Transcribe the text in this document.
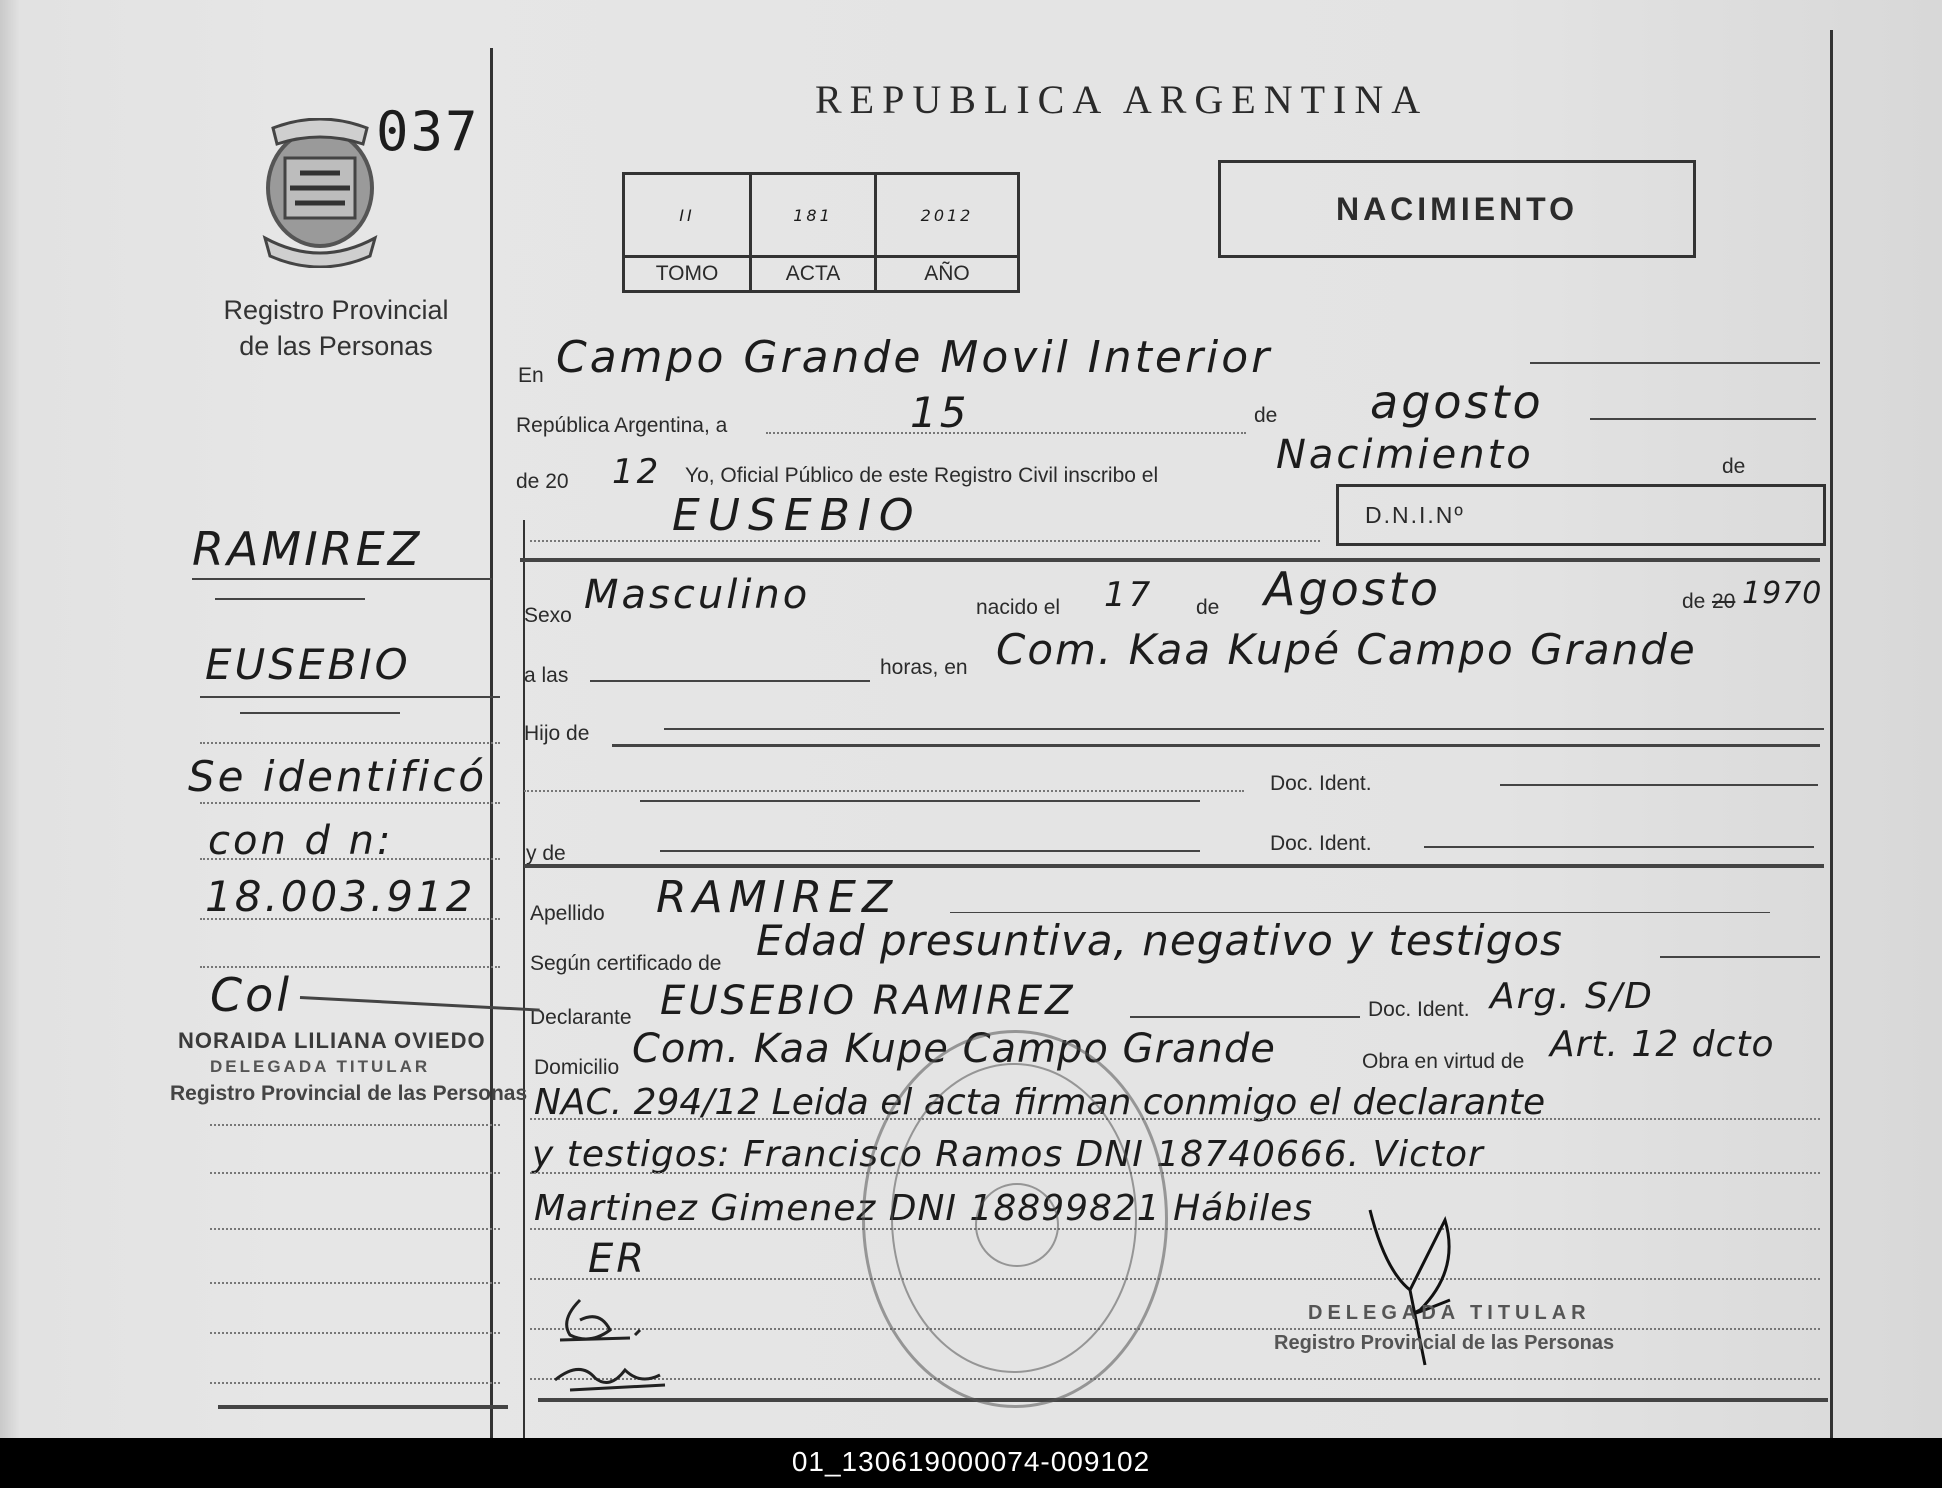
037
Registro Provincial
de las Personas
RAMIREZ
EUSEBIO
Se identificó
con d n:
18.003.912
Col
NORAIDA LILIANA OVIEDO
DELEGADA TITULAR
Registro Provincial de las Personas
REPUBLICA ARGENTINA
II	181	2012
TOMO	ACTA	AÑO
NACIMIENTO
En Campo Grande Movil Interior
República Argentina, a	15	de agosto
de 20 12 Yo, Oficial Público de este Registro Civil inscribo el	Nacimiento	de
EUSEBIO	D.N.I.Nº
Sexo Masculino	nacido el 17 de Agosto	de 20 1970
a las	horas, en Com. Kaa Kupé Campo Grande
Hijo de
Doc. Ident.
y de	Doc. Ident.
Apellido RAMIREZ
Según certificado de Edad presuntiva, negativo y testigos
Declarante EUSEBIO RAMIREZ	Doc. Ident. Arg. S/D
Domicilio Com. Kaa Kupe Campo Grande	Obra en virtud de Art. 12 dcto
NAC. 294/12 Leida el acta firman conmigo el declarante
y testigos: Francisco Ramos DNI 18740666. Victor
Martinez Gimenez DNI 18899821 Hábiles
ER
DELEGADA TITULAR
Registro Provincial de las Personas
01_130619000074-009102
